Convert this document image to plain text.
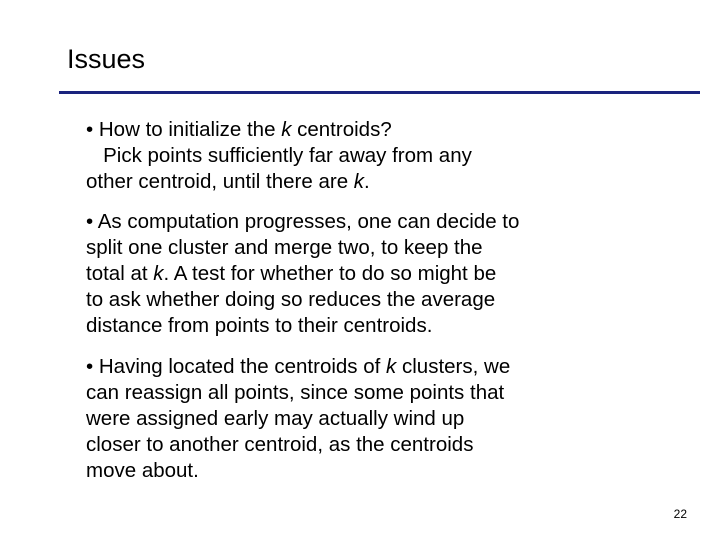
Issues
• How to initialize the k centroids?
Pick points sufficiently far away from any
other centroid, until there are k.
• As computation progresses, one can decide to
split one cluster and merge two, to keep the
total at k. A test for whether to do so might be
to ask whether doing so reduces the average
distance from points to their centroids.
• Having located the centroids of k clusters, we
can reassign all points, since some points that
were assigned early may actually wind up
closer to another centroid, as the centroids
move about.
22
